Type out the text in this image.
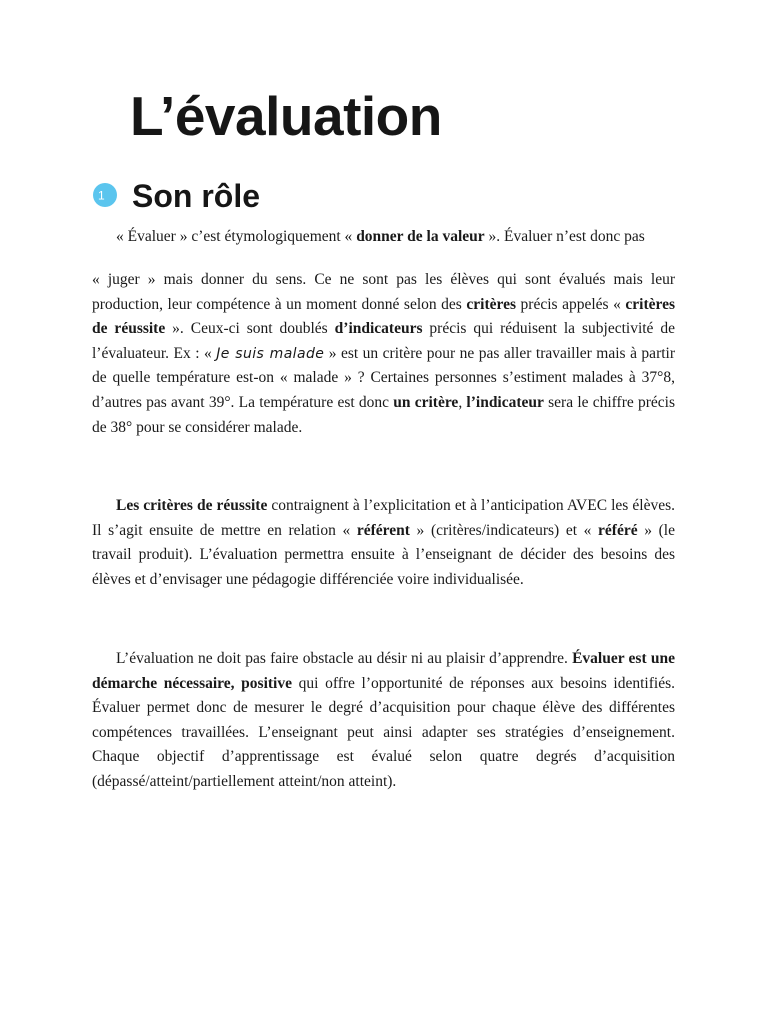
L’évaluation
1 Son rôle
« Évaluer » c’est étymologiquement « donner de la valeur ». Évaluer n’est donc pas

« juger » mais donner du sens. Ce ne sont pas les élèves qui sont évalués mais leur production, leur compétence à un moment donné selon des critères précis appelés « critères de réussite ». Ceux-ci sont doublés d’indicateurs précis qui réduisent la subjectivité de l’évaluateur. Ex : « Je suis malade » est un critère pour ne pas aller travailler mais à partir de quelle température est-on « malade » ? Certaines personnes s’estiment malades à 37°8, d’autres pas avant 39°. La température est donc un critère, l’indicateur sera le chiffre précis de 38° pour se considérer malade.

Les critères de réussite contraignent à l’explicitation et à l’anticipation AVEC les élèves. Il s’agit ensuite de mettre en relation « référent » (critères/indicateurs) et « référé » (le travail produit). L’évaluation permettra ensuite à l’enseignant de décider des besoins des élèves et d’envisager une pédagogie différenciée voire individualisée.

L’évaluation ne doit pas faire obstacle au désir ni au plaisir d’apprendre. Évaluer est une démarche nécessaire, positive qui offre l’opportunité de réponses aux besoins identifiés. Évaluer permet donc de mesurer le degré d’acquisition pour chaque élève des différentes compétences travaillées. L’enseignant peut ainsi adapter ses stratégies d’enseignement. Chaque objectif d’apprentissage est évalué selon quatre degrés d’acquisition (dépassé/atteint/partiellement atteint/non atteint).
